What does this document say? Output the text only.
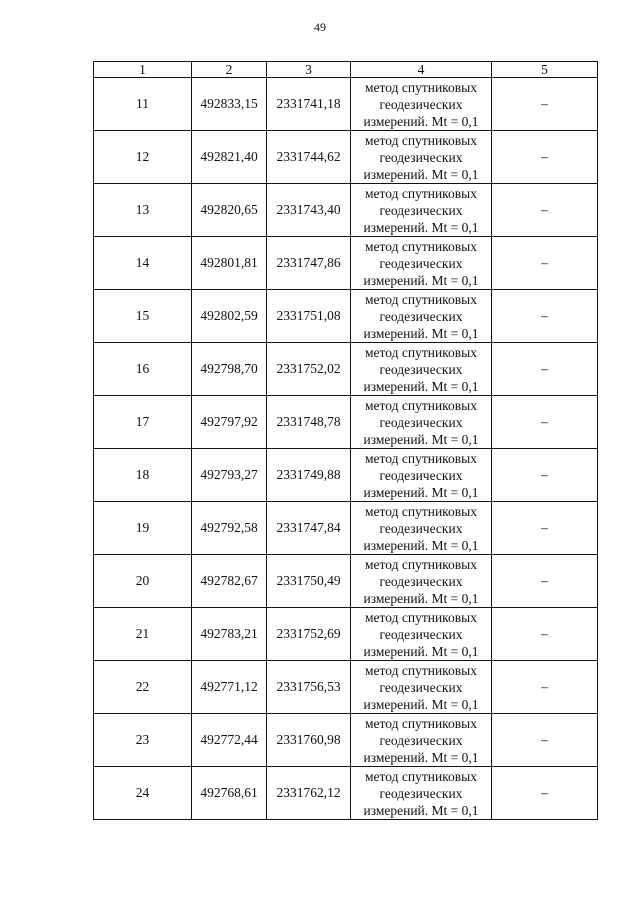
49
1	2	3	4	5
11	492833,15	2331741,18	метод спутниковых
геодезических
измерений. Mt = 0,1	–
12	492821,40	2331744,62	метод спутниковых
геодезических
измерений. Mt = 0,1	–
13	492820,65	2331743,40	метод спутниковых
геодезических
измерений. Mt = 0,1	–
14	492801,81	2331747,86	метод спутниковых
геодезических
измерений. Mt = 0,1	–
15	492802,59	2331751,08	метод спутниковых
геодезических
измерений. Mt = 0,1	–
16	492798,70	2331752,02	метод спутниковых
геодезических
измерений. Mt = 0,1	–
17	492797,92	2331748,78	метод спутниковых
геодезических
измерений. Mt = 0,1	–
18	492793,27	2331749,88	метод спутниковых
геодезических
измерений. Mt = 0,1	–
19	492792,58	2331747,84	метод спутниковых
геодезических
измерений. Mt = 0,1	–
20	492782,67	2331750,49	метод спутниковых
геодезических
измерений. Mt = 0,1	–
21	492783,21	2331752,69	метод спутниковых
геодезических
измерений. Mt = 0,1	–
22	492771,12	2331756,53	метод спутниковых
геодезических
измерений. Mt = 0,1	–
23	492772,44	2331760,98	метод спутниковых
геодезических
измерений. Mt = 0,1	–
24	492768,61	2331762,12	метод спутниковых
геодезических
измерений. Mt = 0,1	–
